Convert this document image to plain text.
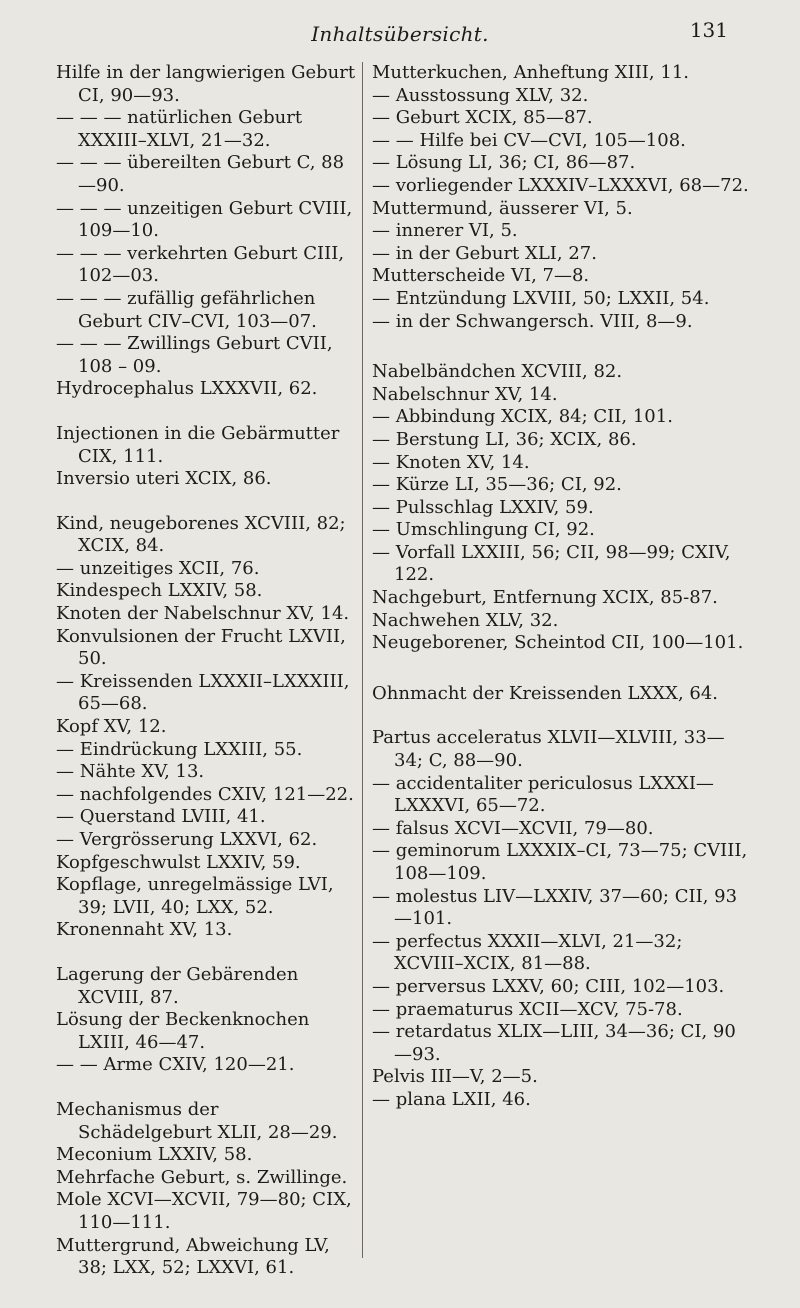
Inhaltsübersicht.	131
Hilfe in der langwierigen Geburt CI, 90—93.
— — — natürlichen Geburt XXXIII–XLVI, 21—32.
— — — übereilten Geburt C, 88 —90.
— — — unzeitigen Geburt CVIII, 109—10.
— — — verkehrten Geburt CIII, 102—03.
— — — zufällig gefährlichen Geburt CIV–CVI, 103—07.
— — — Zwillings Geburt CVII, 108 – 09.
Hydrocephalus LXXXVII, 62.
Injectionen in die Gebärmutter CIX, 111.
Inversio uteri XCIX, 86.
Kind, neugeborenes XCVIII, 82; XCIX, 84.
— unzeitiges XCII, 76.
Kindespech LXXIV, 58.
Knoten der Nabelschnur XV, 14.
Konvulsionen der Frucht LXVII, 50.
— Kreissenden LXXXII–LXXXIII, 65—68.
Kopf XV, 12.
— Eindrückung LXXIII, 55.
— Nähte XV, 13.
— nachfolgendes CXIV, 121—22.
— Querstand LVIII, 41.
— Vergrösserung LXXVI, 62.
Kopfgeschwulst LXXIV, 59.
Kopflage, unregelmässige LVI, 39; LVII, 40; LXX, 52.
Kronennaht XV, 13.
Lagerung der Gebärenden XCVIII, 87.
Lösung der Beckenknochen LXIII, 46—47.
— — Arme CXIV, 120—21.
Mechanismus der Schädelgeburt XLII, 28—29.
Meconium LXXIV, 58.
Mehrfache Geburt, s. Zwillinge.
Mole XCVI—XCVII, 79—80; CIX, 110—111.
Muttergrund, Abweichung LV, 38; LXX, 52; LXXVI, 61.
Mutterkuchen, Anheftung XIII, 11.
— Ausstossung XLV, 32.
— Geburt XCIX, 85—87.
— — Hilfe bei CV—CVI, 105—108.
— Lösung LI, 36; CI, 86—87.
— vorliegender LXXXIV–LXXXVI, 68—72.
Muttermund, äusserer VI, 5.
— innerer VI, 5.
— in der Geburt XLI, 27.
Mutterscheide VI, 7—8.
— Entzündung LXVIII, 50; LXXII, 54.
— in der Schwangersch. VIII, 8—9.
Nabelbändchen XCVIII, 82.
Nabelschnur XV, 14.
— Abbindung XCIX, 84; CII, 101.
— Berstung LI, 36; XCIX, 86.
— Knoten XV, 14.
— Kürze LI, 35—36; CI, 92.
— Pulsschlag LXXIV, 59.
— Umschlingung CI, 92.
— Vorfall LXXIII, 56; CII, 98—99; CXIV, 122.
Nachgeburt, Entfernung XCIX, 85-87.
Nachwehen XLV, 32.
Neugeborener, Scheintod CII, 100—101.
Ohnmacht der Kreissenden LXXX, 64.
Partus acceleratus XLVII—XLVIII, 33—34; C, 88—90.
— accidentaliter periculosus LXXXI—LXXXVI, 65—72.
— falsus XCVI—XCVII, 79—80.
— geminorum LXXXIX–CI, 73—75; CVIII, 108—109.
— molestus LIV—LXXIV, 37—60; CII, 93—101.
— perfectus XXXII—XLVI, 21—32; XCVIII–XCIX, 81—88.
— perversus LXXV, 60; CIII, 102—103.
— praematurus XCII—XCV, 75-78.
— retardatus XLIX—LIII, 34—36; CI, 90—93.
Pelvis III—V, 2—5.
— plana LXII, 46.
